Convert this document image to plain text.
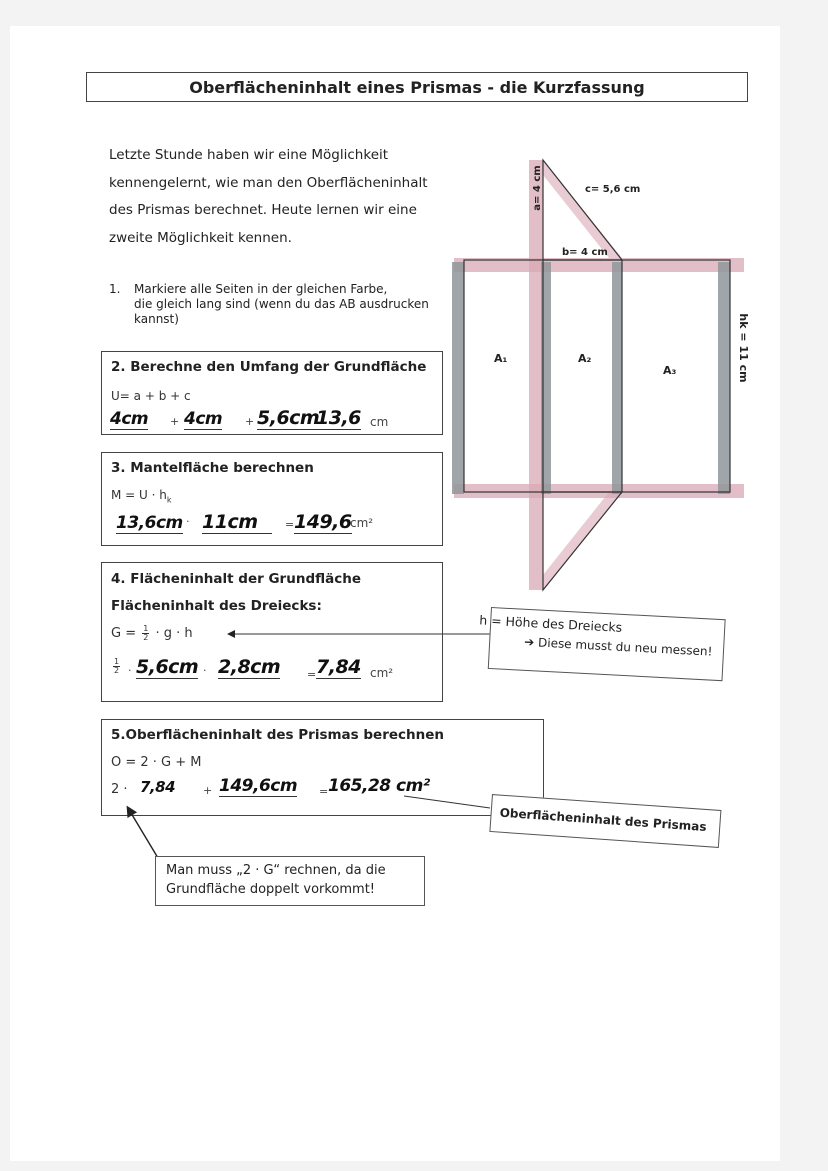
Oberflächeninhalt eines Prismas - die Kurzfassung
Letzte Stunde haben wir eine Möglichkeit
kennengelernt, wie man den Oberflächeninhalt
des Prismas berechnet. Heute lernen wir eine
zweite Möglichkeit kennen.
1. Markiere alle Seiten in der gleichen Farbe,
die gleich lang sind (wenn du das AB ausdrucken
kannst)
a= 4 cm	c= 5,6 cm
b= 4 cm
A₁	A₂
A₃	hk = 11 cm
2. Berechne den Umfang der Grundfläche
U= a + b + c
4cm + 4cm + 5,6cm
13,6 cm
3. Mantelfläche berechnen
$M = U \cdot h_k$
13,6cm · 11cm	= 149,6
cm²
4. Flächeninhalt der Grundfläche
Flächeninhalt des Dreiecks:
$G = \frac{1}{2} \cdot g \cdot h$
$\frac{1}{2} \cdot 5,6cm \cdot 2,8cm = 7,84$ cm²
5.Oberflächeninhalt des Prismas berechnen
O = 2 · G + M
2 · 7,84	+ 149,6cm = 165,28 cm²
h = Höhe des Dreiecks
➔ Diese musst du neu messen!
Oberflächeninhalt des Prismas
Man muss „2 · G“ rechnen, da die
Grundfläche doppelt vorkommt!
